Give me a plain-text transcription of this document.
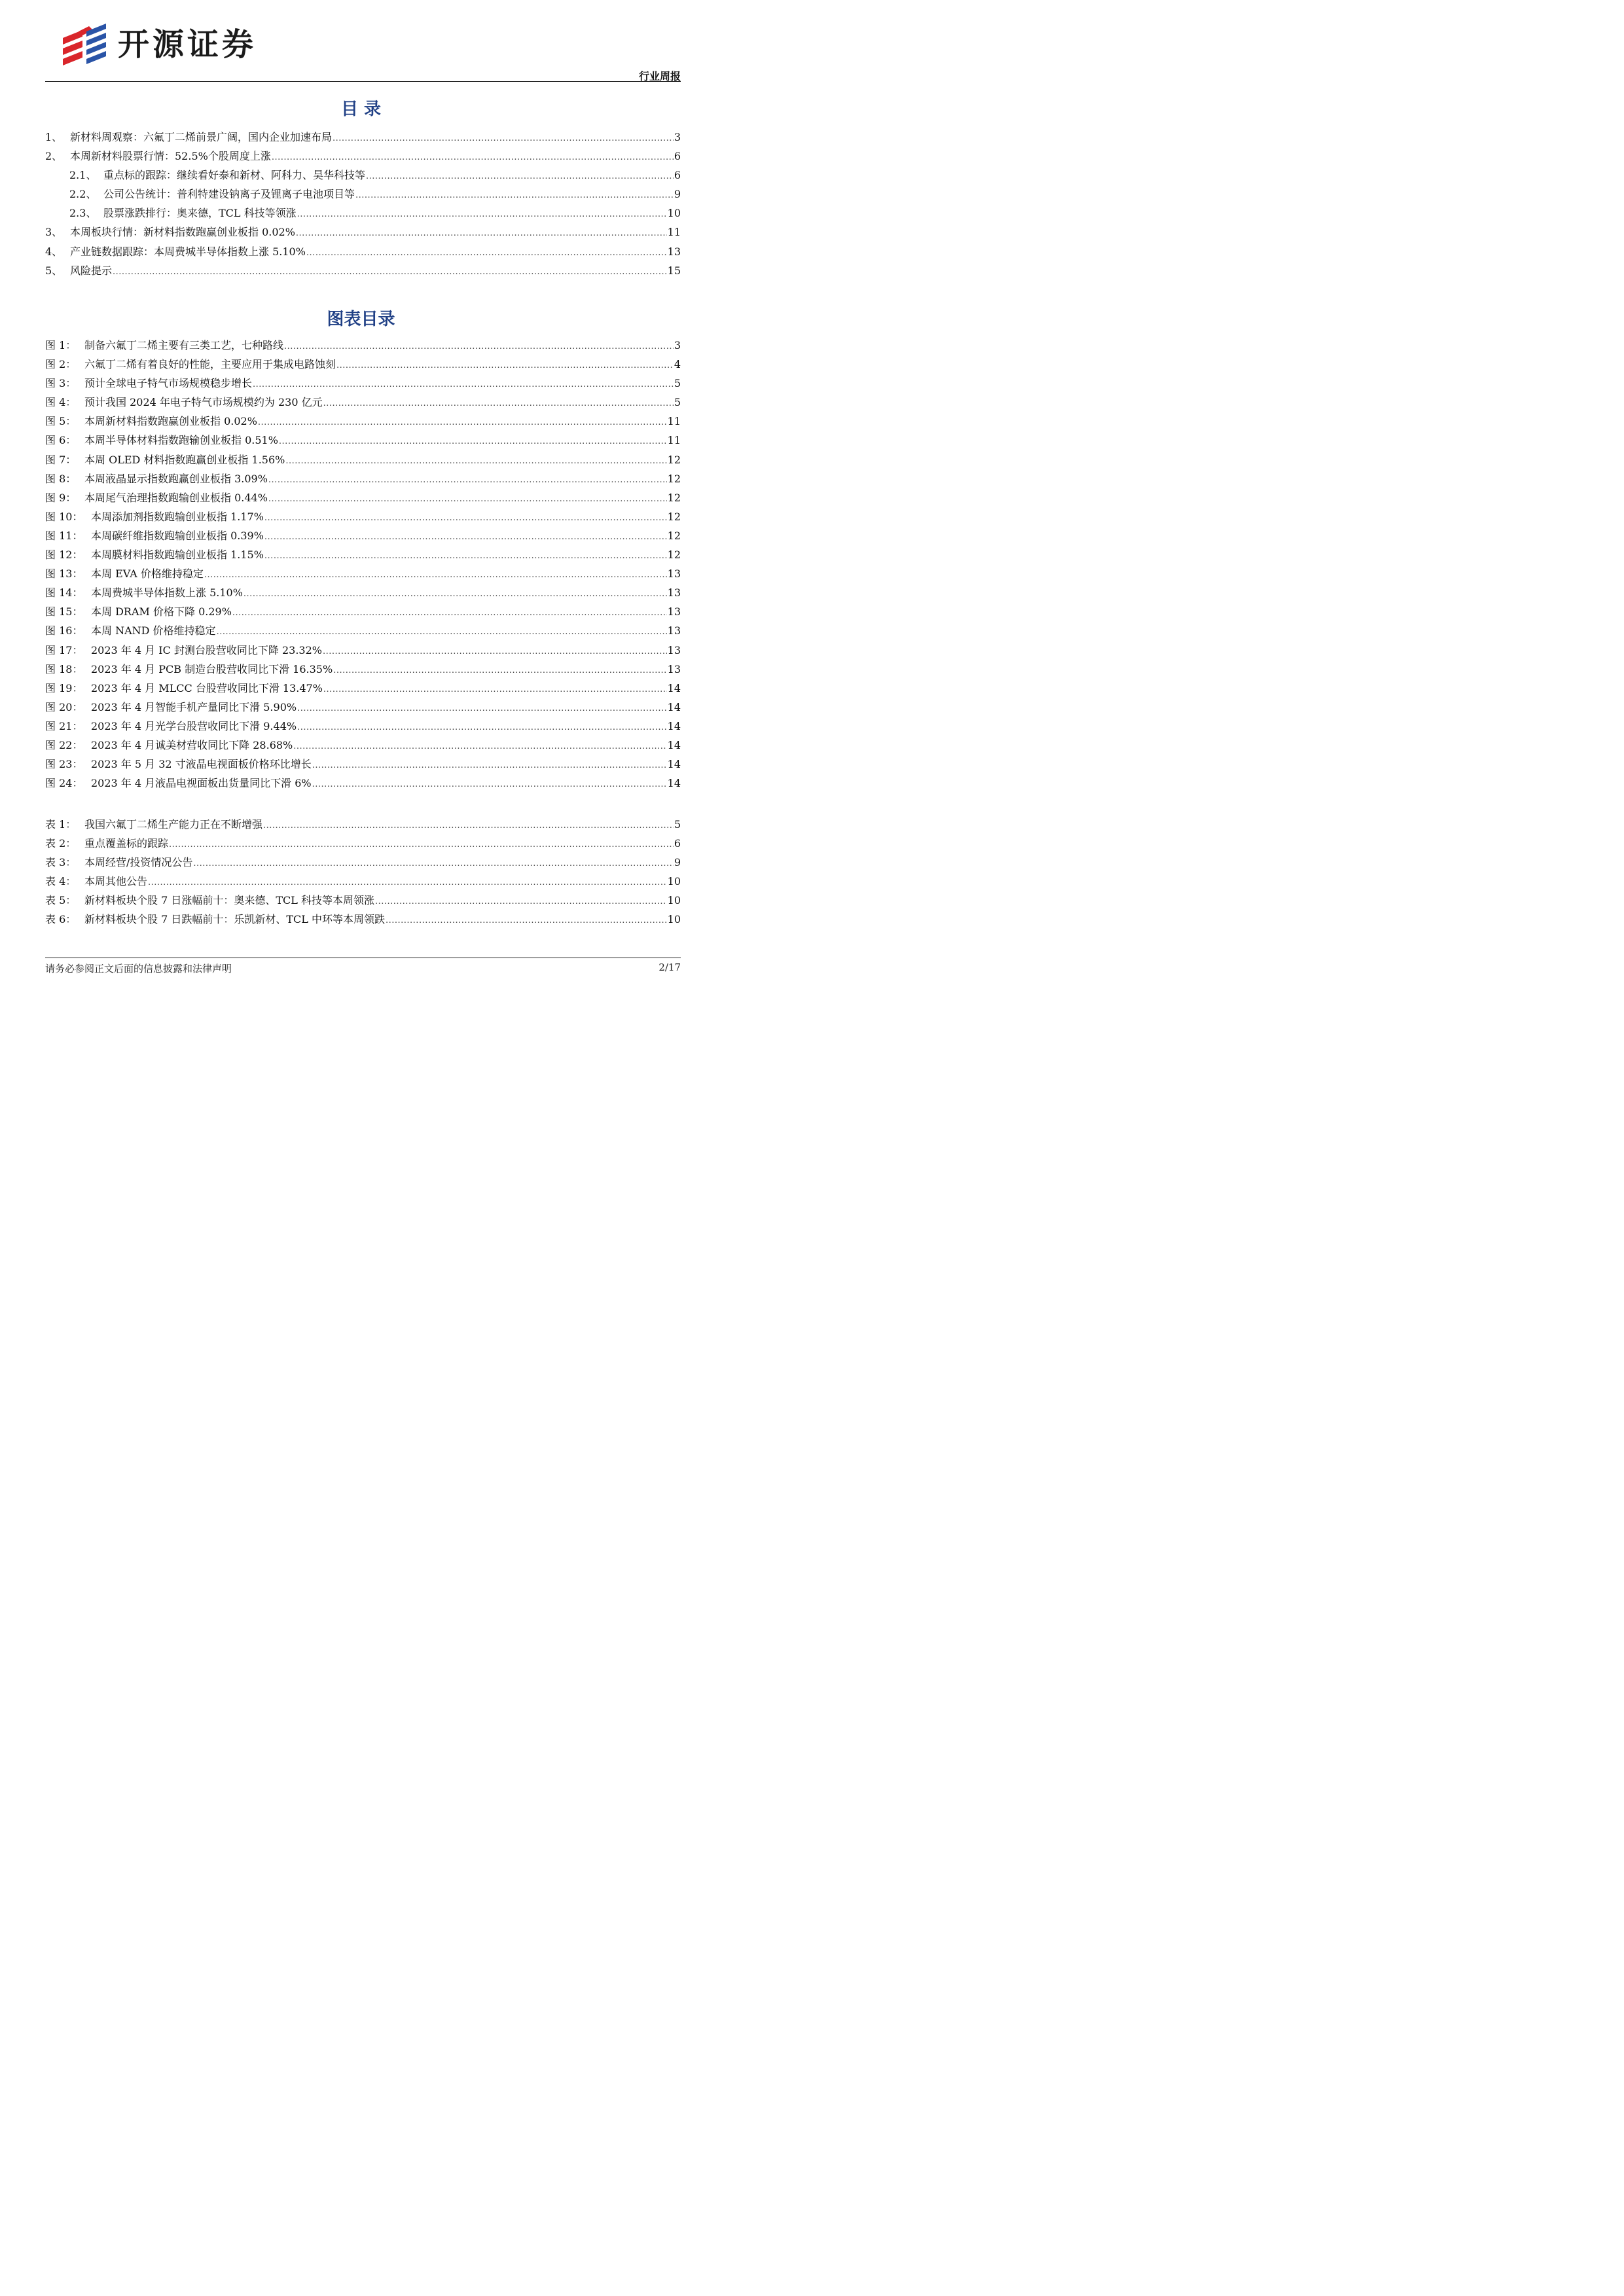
开源证券
行业周报
目 录
1、 新材料周观察：六氟丁二烯前景广阔，国内企业加速布局 .....	3
2、 本周新材料股票行情：52.5%个股周度上涨 .....	6
2.1、 重点标的跟踪：继续看好泰和新材、阿科力、昊华科技等 .....	6
2.2、 公司公告统计：普利特建设钠离子及锂离子电池项目等 .....	9
2.3、 股票涨跌排行：奥来德，TCL 科技等领涨 .....	10
3、 本周板块行情：新材料指数跑赢创业板指 0.02% .....	11
4、 产业链数据跟踪：本周费城半导体指数上涨 5.10% .....	13
5、 风险提示 .....	15
图表目录
图 1： 制备六氟丁二烯主要有三类工艺，七种路线 .....	3
图 2： 六氟丁二烯有着良好的性能，主要应用于集成电路蚀刻 .....	4
图 3： 预计全球电子特气市场规模稳步增长 .....	5
图 4： 预计我国 2024 年电子特气市场规模约为 230 亿元 .....	5
图 5： 本周新材料指数跑赢创业板指 0.02% .....	11
图 6： 本周半导体材料指数跑输创业板指 0.51% .....	11
图 7： 本周 OLED 材料指数跑赢创业板指 1.56% .....	12
图 8： 本周液晶显示指数跑赢创业板指 3.09% .....	12
图 9： 本周尾气治理指数跑输创业板指 0.44% .....	12
图 10： 本周添加剂指数跑输创业板指 1.17% .....	12
图 11： 本周碳纤维指数跑输创业板指 0.39% .....	12
图 12： 本周膜材料指数跑输创业板指 1.15% .....	12
图 13： 本周 EVA 价格维持稳定 .....	13
图 14： 本周费城半导体指数上涨 5.10% .....	13
图 15： 本周 DRAM 价格下降 0.29% .....	13
图 16： 本周 NAND 价格维持稳定 .....	13
图 17： 2023 年 4 月 IC 封测台股营收同比下降 23.32% .....	13
图 18： 2023 年 4 月 PCB 制造台股营收同比下滑 16.35% .....	13
图 19： 2023 年 4 月 MLCC 台股营收同比下滑 13.47% .....	14
图 20： 2023 年 4 月智能手机产量同比下滑 5.90% .....	14
图 21： 2023 年 4 月光学台股营收同比下滑 9.44% .....	14
图 22： 2023 年 4 月诚美材营收同比下降 28.68% .....	14
图 23： 2023 年 5 月 32 寸液晶电视面板价格环比增长 .....	14
图 24： 2023 年 4 月液晶电视面板出货量同比下滑 6% .....	14
表 1： 我国六氟丁二烯生产能力正在不断增强 .....	5
表 2： 重点覆盖标的跟踪 .....	6
表 3： 本周经营/投资情况公告 .....	9
表 4： 本周其他公告 .....	10
表 5： 新材料板块个股 7 日涨幅前十：奥来德、TCL 科技等本周领涨 .....	10
表 6： 新材料板块个股 7 日跌幅前十：乐凯新材、TCL 中环等本周领跌 .....	10
请务必参阅正文后面的信息披露和法律声明	2/17
